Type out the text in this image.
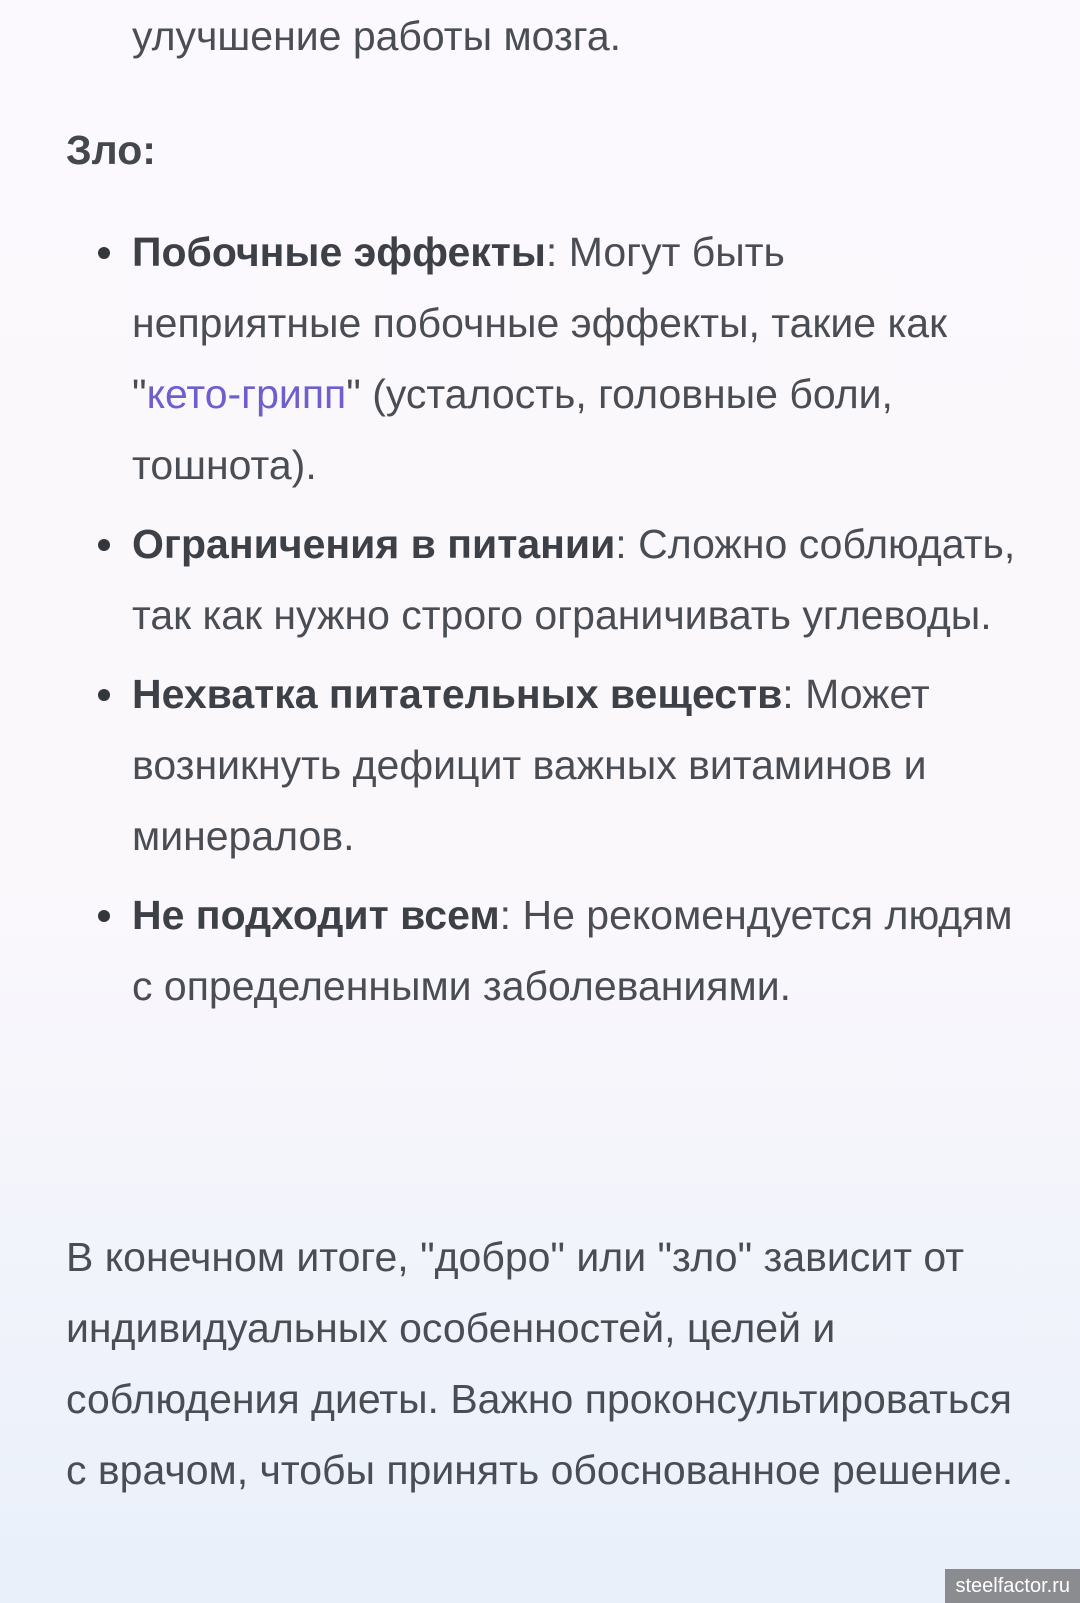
улучшение работы мозга.

Зло:
Побочные эффекты: Могут быть неприятные побочные эффекты, такие как "кето-грипп" (усталость, головные боли, тошнота).
Ограничения в питании: Сложно соблюдать, так как нужно строго ограничивать углеводы.
Нехватка питательных веществ: Может возникнуть дефицит важных витаминов и минералов.
Не подходит всем: Не рекомендуется людям с определенными заболеваниями.

В конечном итоге, "добро" или "зло" зависит от индивидуальных особенностей, целей и соблюдения диеты. Важно проконсультироваться с врачом, чтобы принять обоснованное решение.

steelfactor.ru
